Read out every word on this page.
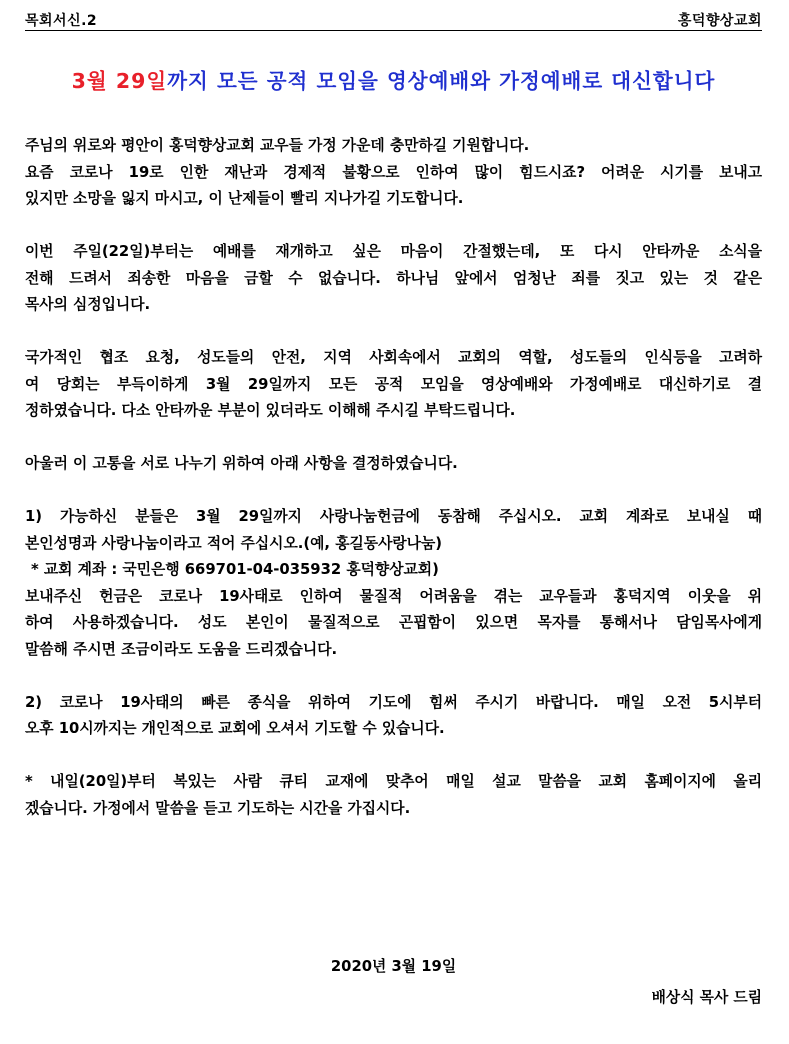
목회서신.2	홍덕향상교회
3월 29일까지 모든 공적 모임을 영상예배와 가정예배로 대신합니다
주님의 위로와 평안이 홍덕향상교회 교우들 가정 가운데 충만하길 기원합니다.
요즘 코로나 19로 인한 재난과 경제적 불황으로 인하여 많이 힘드시죠? 어려운 시기를 보내고
있지만 소망을 잃지 마시고, 이 난제들이 빨리 지나가길 기도합니다.
이번 주일(22일)부터는 예배를 재개하고 싶은 마음이 간절했는데, 또 다시 안타까운 소식을
전해 드려서 죄송한 마음을 금할 수 없습니다. 하나님 앞에서 엄청난 죄를 짓고 있는 것 같은
목사의 심정입니다.
국가적인 협조 요청, 성도들의 안전, 지역 사회속에서 교회의 역할, 성도들의 인식등을 고려하
여 당회는 부득이하게 3월 29일까지 모든 공적 모임을 영상예배와 가정예배로 대신하기로 결
정하였습니다. 다소 안타까운 부분이 있더라도 이해해 주시길 부탁드립니다.
아울러 이 고통을 서로 나누기 위하여 아래 사항을 결정하였습니다.
1) 가능하신 분들은 3월 29일까지 사랑나눔헌금에 동참해 주십시오. 교회 계좌로 보내실 때
본인성명과 사랑나눔이라고 적어 주십시오.(예, 홍길동사랑나눔)
* 교회 계좌 : 국민은행 669701-04-035932 홍덕향상교회)
보내주신 헌금은 코로나 19사태로 인하여 물질적 어려움을 겪는 교우들과 홍덕지역 이웃을 위
하여 사용하겠습니다. 성도 본인이 물질적으로 곤핍함이 있으면 목자를 통해서나 담임목사에게
말씀해 주시면 조금이라도 도움을 드리겠습니다.
2) 코로나 19사태의 빠른 종식을 위하여 기도에 힘써 주시기 바랍니다. 매일 오전 5시부터
오후 10시까지는 개인적으로 교회에 오셔서 기도할 수 있습니다.
* 내일(20일)부터 복있는 사람 큐티 교재에 맞추어 매일 설교 말씀을 교회 홈페이지에 올리
겠습니다. 가정에서 말씀을 듣고 기도하는 시간을 가집시다.
2020년 3월 19일
배상식 목사 드림
